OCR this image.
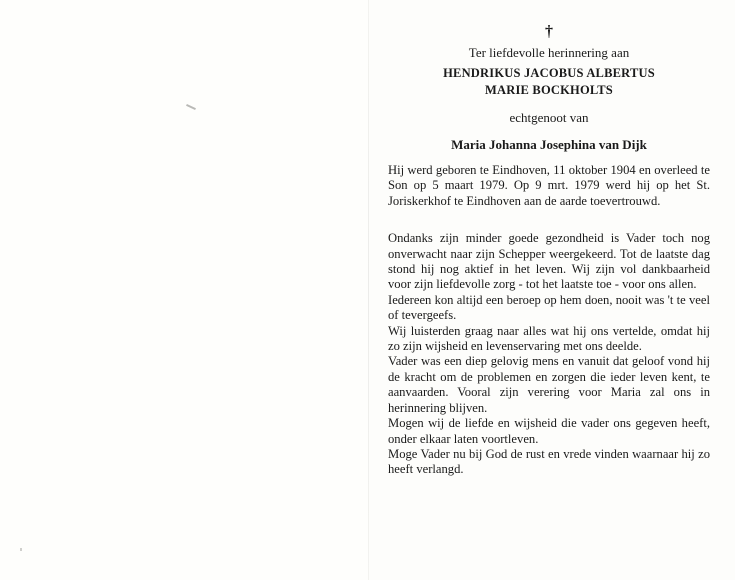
†
Ter liefdevolle herinnering aan
HENDRIKUS JACOBUS ALBERTUS
MARIE BOCKHOLTS
echtgenoot van
Maria Johanna Josephina van Dijk

Hij werd geboren te Eindhoven, 11 oktober 1904 en overleed te Son op 5 maart 1979. Op 9 mrt. 1979 werd hij op het St. Joriskerkhof te Eindhoven aan de aarde toevertrouwd.

Ondanks zijn minder goede gezondheid is Vader toch nog onverwacht naar zijn Schepper weergekeerd. Tot de laatste dag stond hij nog aktief in het leven. Wij zijn vol dankbaarheid voor zijn liefdevolle zorg - tot het laatste toe - voor ons allen.

Iedereen kon altijd een beroep op hem doen, nooit was 't te veel of tevergeefs.

Wij luisterden graag naar alles wat hij ons vertelde, omdat hij zo zijn wijsheid en levenservaring met ons deelde.

Vader was een diep gelovig mens en vanuit dat geloof vond hij de kracht om de problemen en zorgen die ieder leven kent, te aanvaarden. Vooral zijn verering voor Maria zal ons in herinnering blijven.

Mogen wij de liefde en wijsheid die vader ons gegeven heeft, onder elkaar laten voortleven.

Moge Vader nu bij God de rust en vrede vinden waarnaar hij zo heeft verlangd.
